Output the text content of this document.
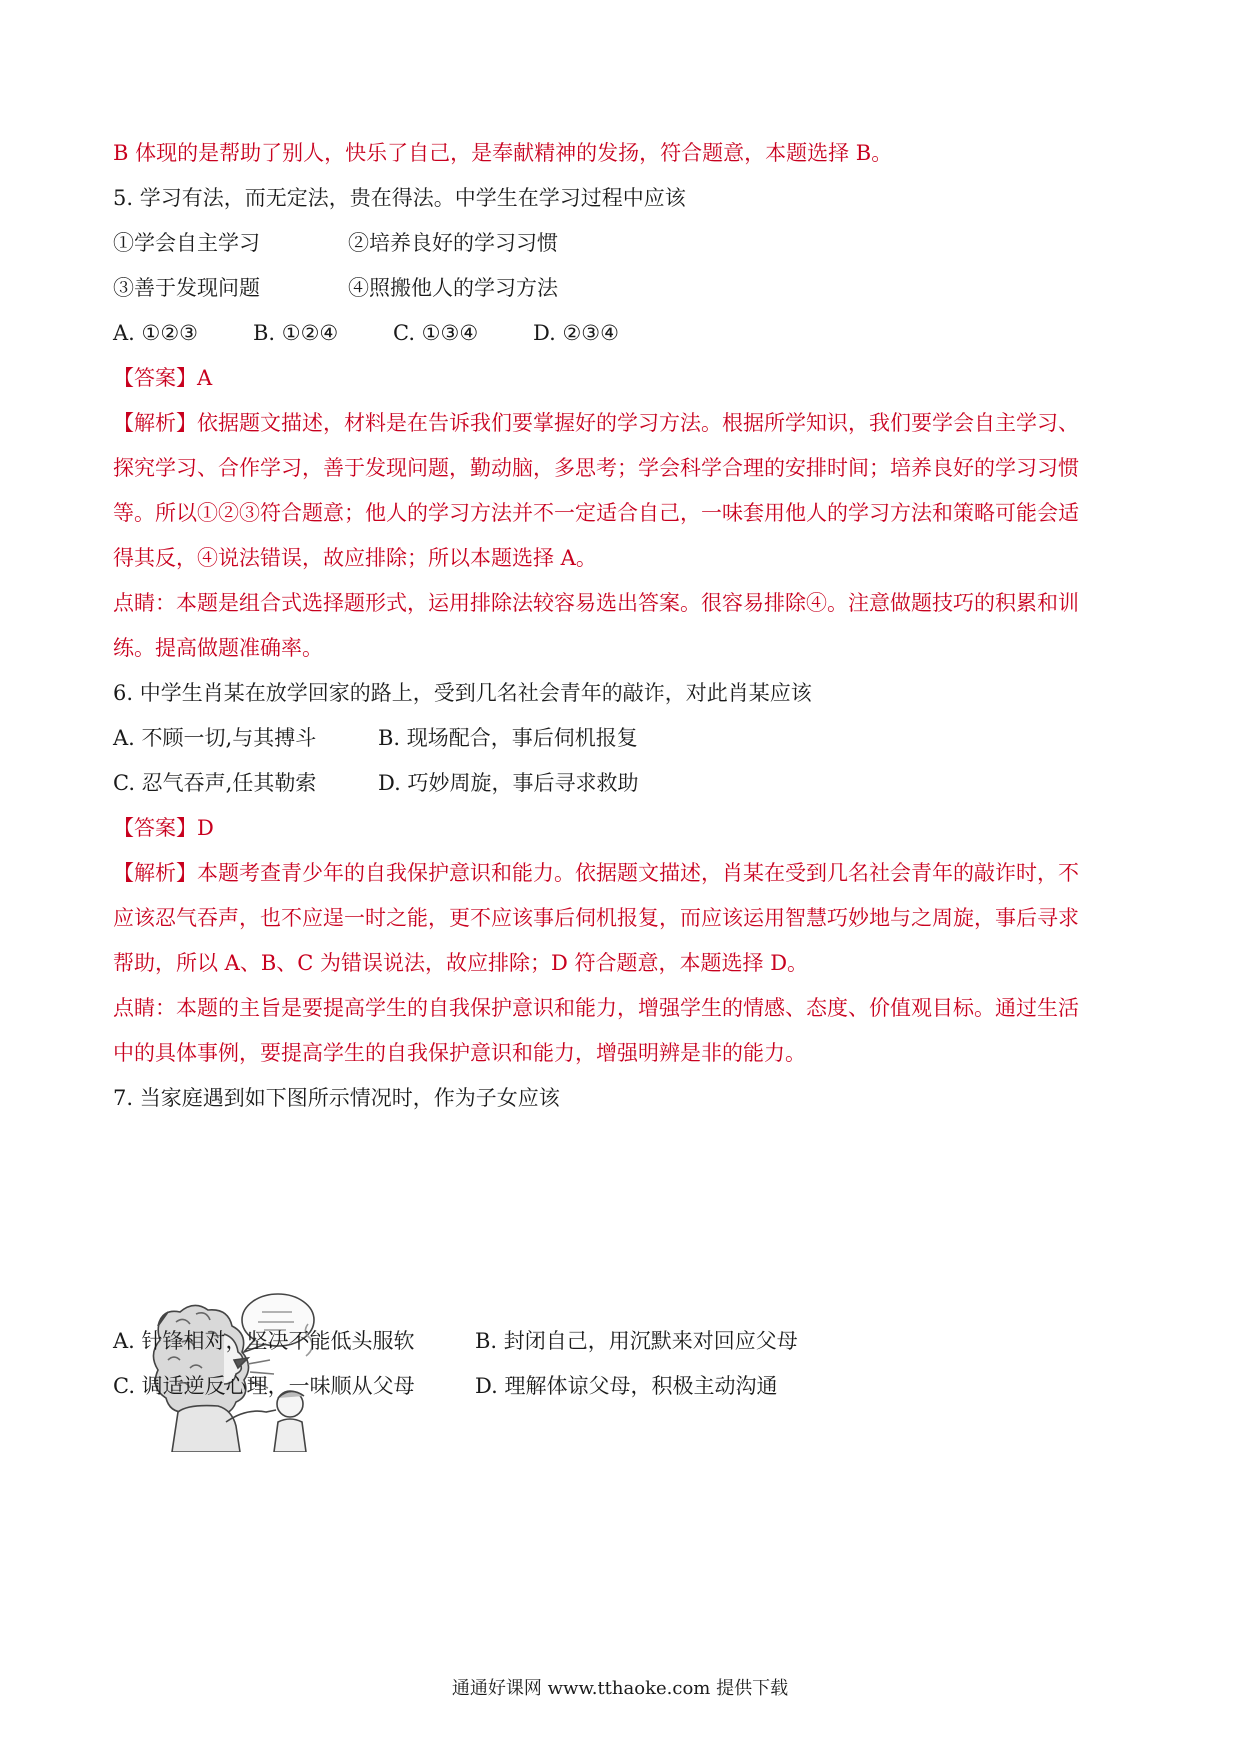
B 体现的是帮助了别人，快乐了自己，是奉献精神的发扬，符合题意，本题选择 B。

5. 学习有法，而无定法，贵在得法。中学生在学习过程中应该

①学会自主学习	②培养良好的学习习惯

③善于发现问题	④照搬他人的学习方法

A. ①②③	B. ①②④	C. ①③④	D. ②③④

【答案】A

【解析】依据题文描述，材料是在告诉我们要掌握好的学习方法。根据所学知识，我们要学会自主学习、

探究学习、合作学习，善于发现问题，勤动脑，多思考；学会科学合理的安排时间；培养良好的学习习惯

等。所以①②③符合题意；他人的学习方法并不一定适合自己，一味套用他人的学习方法和策略可能会适

得其反，④说法错误，故应排除；所以本题选择 A。

点睛：本题是组合式选择题形式，运用排除法较容易选出答案。很容易排除④。注意做题技巧的积累和训

练。提高做题准确率。

6. 中学生肖某在放学回家的路上，受到几名社会青年的敲诈，对此肖某应该

A. 不顾一切,与其搏斗	B. 现场配合，事后伺机报复

C. 忍气吞声,任其勒索	D. 巧妙周旋，事后寻求救助

【答案】D

【解析】本题考查青少年的自我保护意识和能力。依据题文描述，肖某在受到几名社会青年的敲诈时，不

应该忍气吞声，也不应逞一时之能，更不应该事后伺机报复，而应该运用智慧巧妙地与之周旋，事后寻求

帮助，所以 A、B、C 为错误说法，故应排除；D 符合题意，本题选择 D。

点睛：本题的主旨是要提高学生的自我保护意识和能力，增强学生的情感、态度、价值观目标。通过生活

中的具体事例，要提高学生的自我保护意识和能力，增强明辨是非的能力。

7. 当家庭遇到如下图所示情况时，作为子女应该

A. 针锋相对，坚决不能低头服软	B. 封闭自己，用沉默来对回应父母

C. 调适逆反心理，一味顺从父母	D. 理解体谅父母，积极主动沟通

通通好课网 www.tthaoke.com 提供下载
